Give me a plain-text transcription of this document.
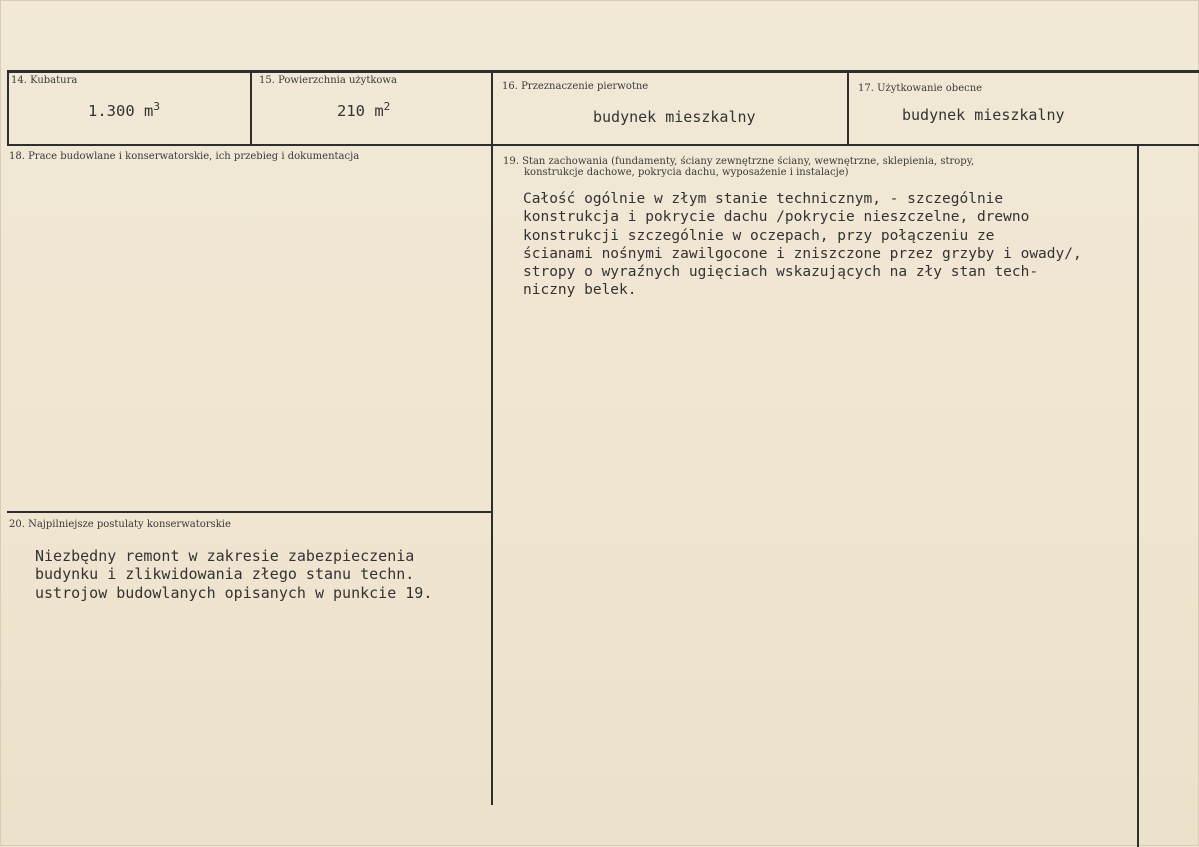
14. Kubatura
1.300 $m^3$
15. Powierzchnia użytkowa
210 $m^2$
16. Przeznaczenie pierwotne
budynek mieszkalny
17. Użytkowanie obecne
budynek mieszkalny
18. Prace budowlane i konserwatorskie, ich przebieg i dokumentacja	19. Stan zachowania (fundamenty, ściany zewnętrzne ściany, wewnętrzne, sklepienia, stropy,
konstrukcje dachowe, pokrycia dachu, wyposażenie i instalacje)
Całość ogólnie w złym stanie technicznym, - szczególnie
konstrukcja i pokrycie dachu /pokrycie nieszczelne, drewno
konstrukcji szczególnie w oczepach, przy połączeniu ze
ścianami nośnymi zawilgocone i zniszczone przez grzyby i owady/,
stropy o wyraźnych ugięciach wskazujących na zły stan tech-
niczny belek.
20. Najpilniejsze postulaty konserwatorskie
Niezbędny remont w zakresie zabezpieczenia
budynku i zlikwidowania złego stanu techn.
ustrojow budowlanych opisanych w punkcie 19.
